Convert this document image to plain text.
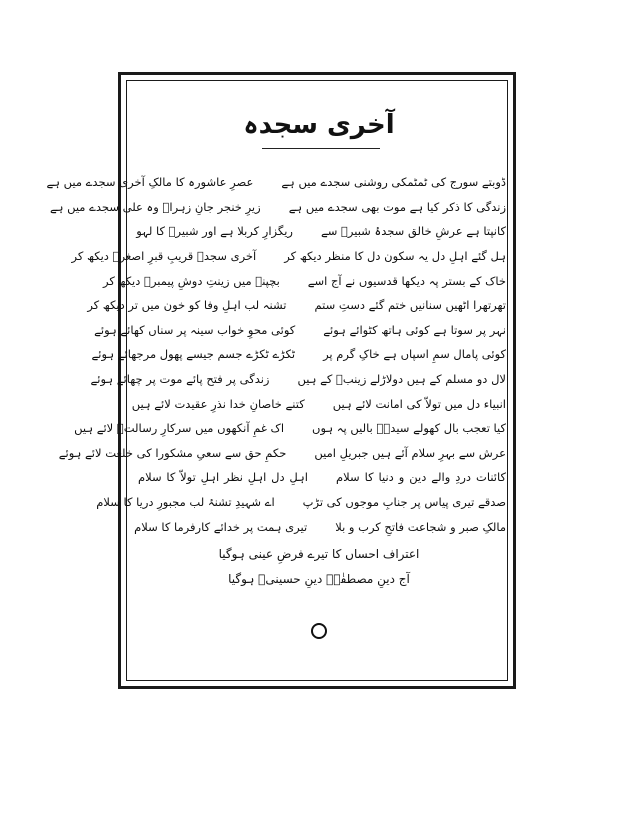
آخری سجدہ
ڈوبتے سورج کی ٹمٹمکی روشنی سجدے میں ہے
عصرِ عاشورہ کا مالکِ آخری سجدے میں ہے
زندگی کا ذکر کیا ہے موت بھی سجدے میں ہے
زیرِ خنجر جانِ زہراؑ وہ علی سجدے میں ہے
کانپتا ہے عرشِ خالق سجدۂ شبیرؑ سے
ریگزارِ کربلا ہے اور شبیرؑ کا لہو
ہل گئے اہلِ دل یہ سکون دل کا منظر دیکھ کر
آخری سجدہ قریبِ قبرِ اصغرؑ دیکھ کر
خاک کے بستر پہ دیکھا قدسیوں نے آج اسے
بچپنے میں زینتِ دوشِ پیمبرؐ دیکھ کر
تھرتھرا اٹھیں سنانیں ختم گئے دستِ ستم
تشنہ لب اہلِ وفا کو خون میں تر دیکھ کر
نہر پر سوتا ہے کوئی ہاتھ کٹوائے ہوئے
کوئی محوِ خواب سینہ پر سناں کھائے ہوئے
کوئی پامال سمِ اسپاں ہے خاکِ گرم پر
ٹکڑے ٹکڑے جسم جیسے پھول مرجھائے ہوئے
لال دو مسلم کے ہیں دولاڑلے زینبؑ کے ہیں
زندگی پر فتح پائے موت پر چھائے ہوئے
انبیاء دل میں تولاّ کی امانت لائے ہیں
کتنے خاصانِ خدا نذرِ عقیدت لائے ہیں
کیا تعجب بال کھولے سیدہؑ بالیں پہ ہوں
اک غمِ آنکھوں میں سرکارِ رسالتؐ لائے ہیں
عرش سے بہرِ سلام آئے ہیں جبریلِ امیں
حکمِ حق سے سعیِ مشکورا کی خلعت لائے ہوئے
کائنات دردِ والے دین و دنیا کا سلام
اہلِ دل اہلِ نظر اہلِ تولاّ کا سلام
صدقے تیری پیاس پر جنابِ موجوں کی تڑپ
اے شہیدِ تشنۂ لب مجبورِ دریا کا سلام
مالکِ صبر و شجاعت فاتحِ کرب و بلا
تیری ہمت پر خدائے کارفرما کا سلام
اعتراف احساں کا تیرے فرضِ عینی ہوگیا
آج دینِ مصطفٰےؐ دینِ حسینیؑ ہوگیا
